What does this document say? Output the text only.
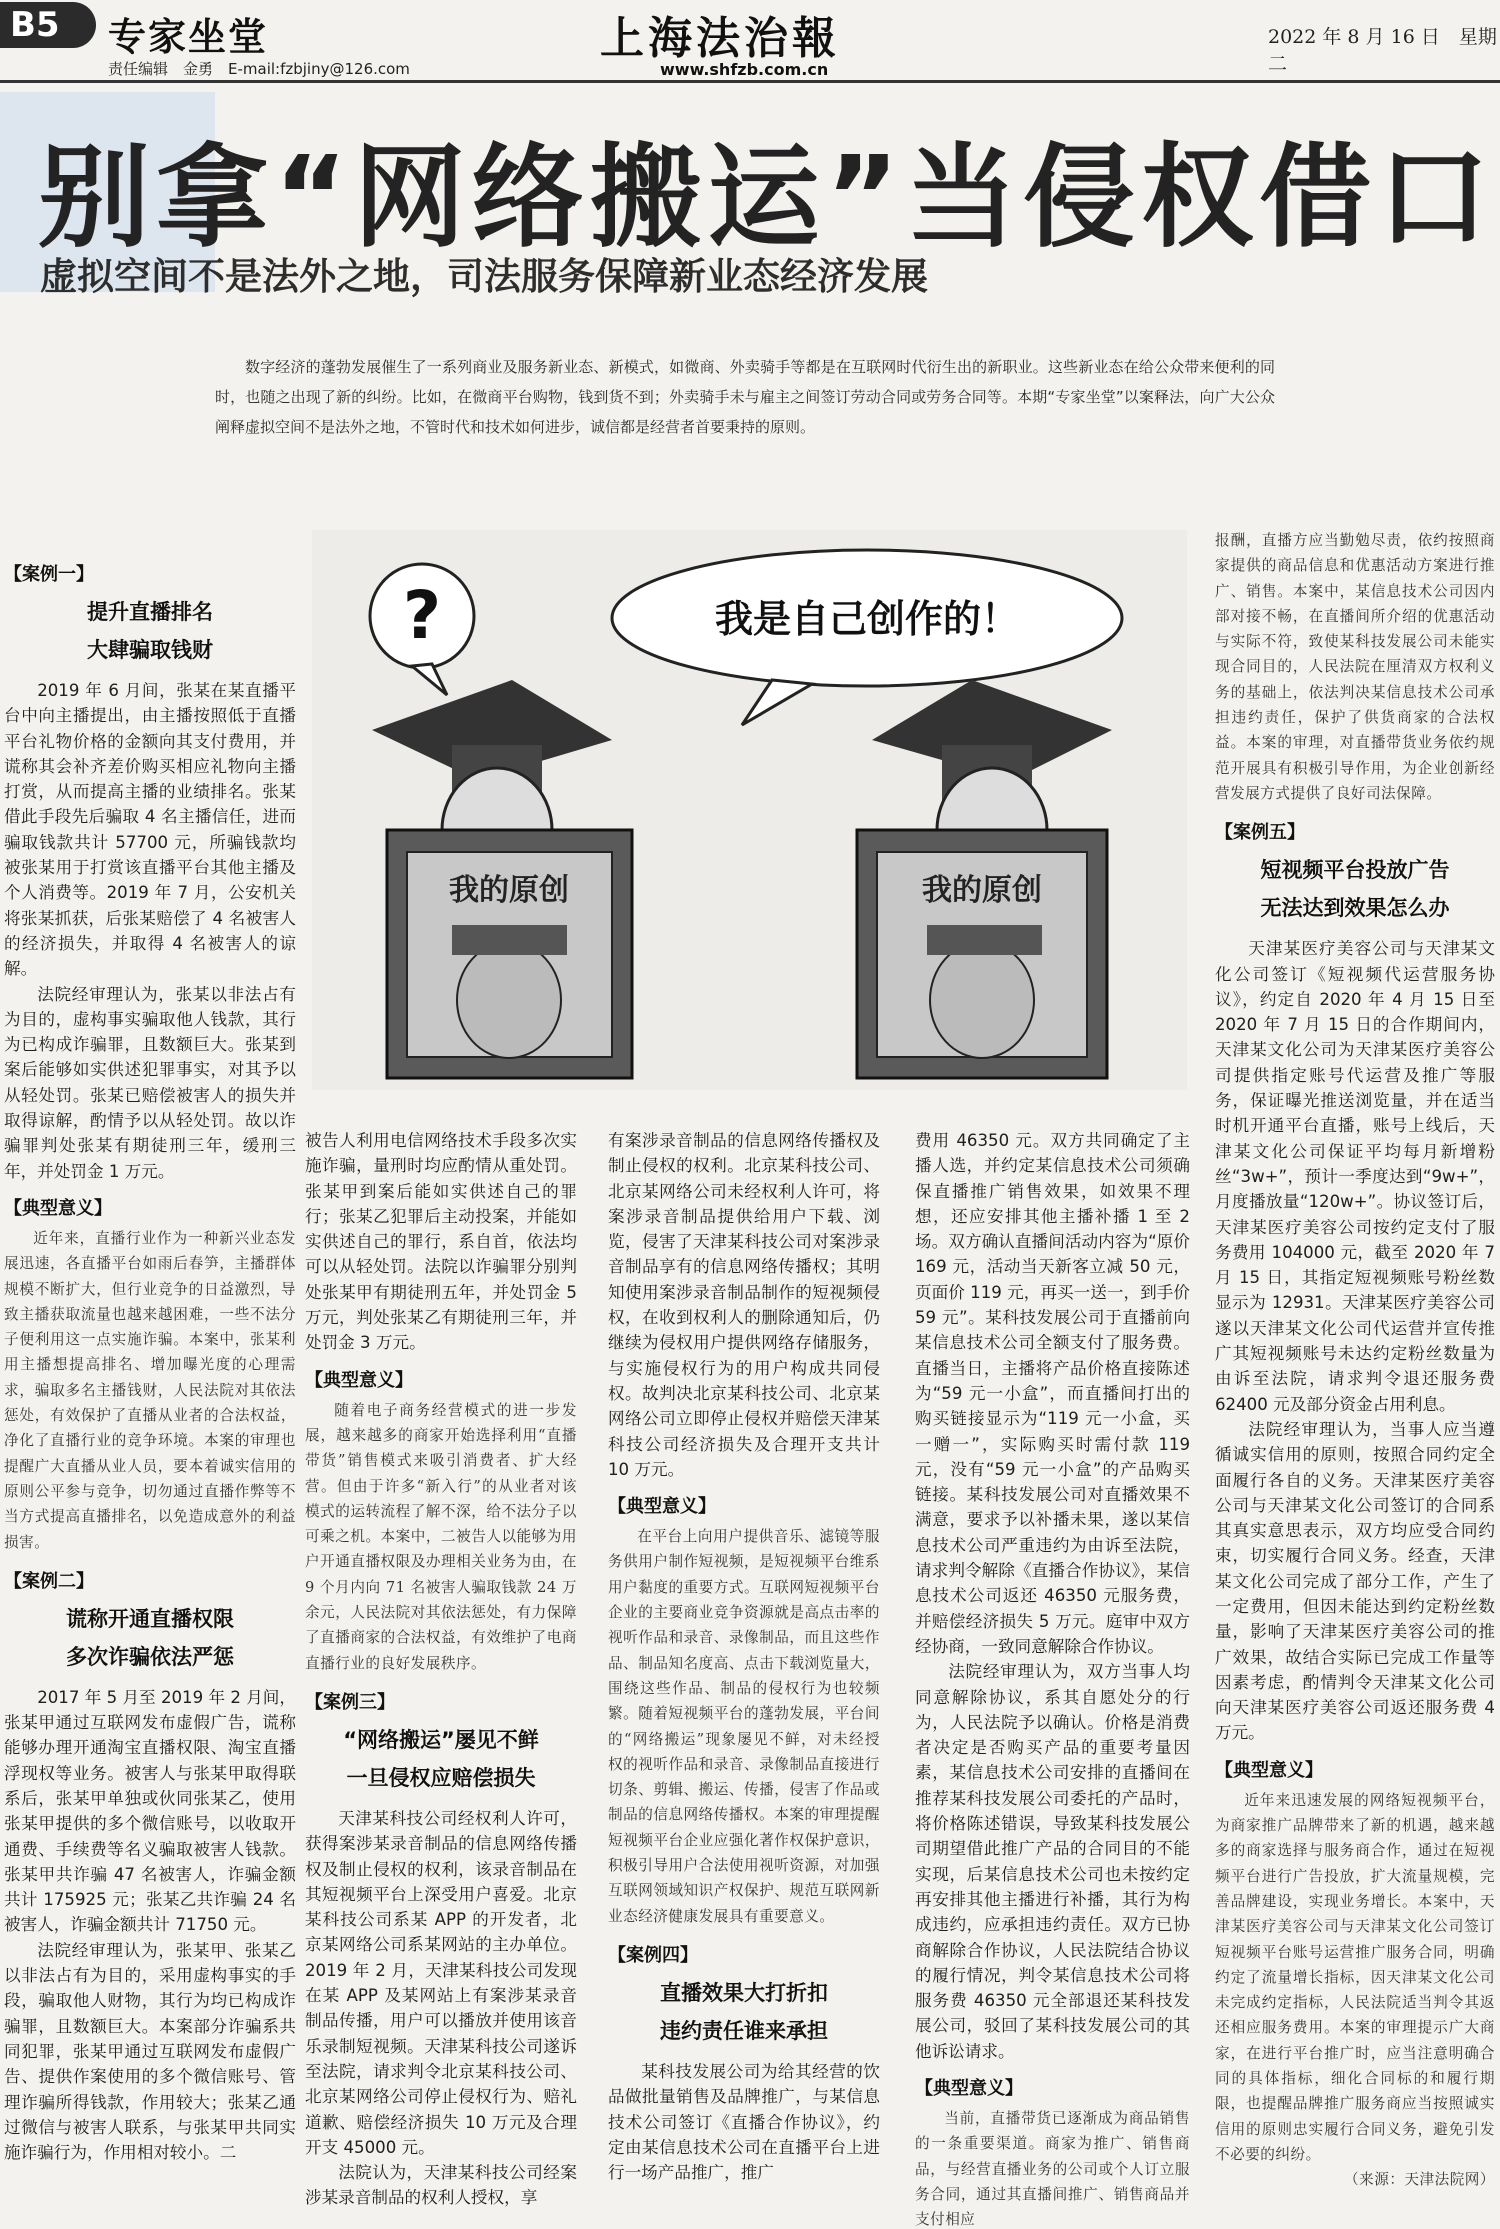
B5	专家坐堂
责任编辑　金勇　E-mail:fzbjiny@126.com
上海法治報
www.shfzb.com.cn
2022 年 8 月 16 日　星期二
别拿“网络搬运”当侵权借口
虚拟空间不是法外之地，司法服务保障新业态经济发展

数字经济的蓬勃发展催生了一系列商业及服务新业态、新模式，如微商、外卖骑手等都是在互联网时代衍生出的新职业。这些新业态在给公众带来便利的同时，也随之出现了新的纠纷。比如，在微商平台购物，钱到货不到；外卖骑手未与雇主之间签订劳动合同或劳务合同等。本期“专家坐堂”以案释法，向广大公众阐释虚拟空间不是法外之地，不管时代和技术如何进步，诚信都是经营者首要秉持的原则。

?	我是自己创作的！
我的原创	我的原创
【案例一】
提升直播排名
大肆骗取钱财

2019 年 6 月间，张某在某直播平台中向主播提出，由主播按照低于直播平台礼物价格的金额向其支付费用，并谎称其会补齐差价购买相应礼物向主播打赏，从而提高主播的业绩排名。张某借此手段先后骗取 4 名主播信任，进而骗取钱款共计 57700 元，所骗钱款均被张某用于打赏该直播平台其他主播及个人消费等。2019 年 7 月，公安机关将张某抓获，后张某赔偿了 4 名被害人的经济损失，并取得 4 名被害人的谅解。

法院经审理认为，张某以非法占有为目的，虚构事实骗取他人钱款，其行为已构成诈骗罪，且数额巨大。张某到案后能够如实供述犯罪事实，对其予以从轻处罚。张某已赔偿被害人的损失并取得谅解，酌情予以从轻处罚。故以诈骗罪判处张某有期徒刑三年，缓刑三年，并处罚金 1 万元。

【典型意义】

近年来，直播行业作为一种新兴业态发展迅速，各直播平台如雨后春笋，主播群体规模不断扩大，但行业竞争的日益激烈，导致主播获取流量也越来越困难，一些不法分子便利用这一点实施诈骗。本案中，张某利用主播想提高排名、增加曝光度的心理需求，骗取多名主播钱财，人民法院对其依法惩处，有效保护了直播从业者的合法权益，净化了直播行业的竞争环境。本案的审理也提醒广大直播从业人员，要本着诚实信用的原则公平参与竞争，切勿通过直播作弊等不当方式提高直播排名，以免造成意外的利益损害。

【案例二】
谎称开通直播权限
多次诈骗依法严惩

2017 年 5 月至 2019 年 2 月间，张某甲通过互联网发布虚假广告，谎称能够办理开通淘宝直播权限、淘宝直播浮现权等业务。被害人与张某甲取得联系后，张某甲单独或伙同张某乙，使用张某甲提供的多个微信账号，以收取开通费、手续费等名义骗取被害人钱款。张某甲共诈骗 47 名被害人，诈骗金额共计 175925 元；张某乙共诈骗 24 名被害人，诈骗金额共计 71750 元。

法院经审理认为，张某甲、张某乙以非法占有为目的，采用虚构事实的手段，骗取他人财物，其行为均已构成诈骗罪，且数额巨大。本案部分诈骗系共同犯罪，张某甲通过互联网发布虚假广告、提供作案使用的多个微信账号、管理诈骗所得钱款，作用较大；张某乙通过微信与被害人联系，与张某甲共同实施诈骗行为，作用相对较小。二

被告人利用电信网络技术手段多次实施诈骗，量刑时均应酌情从重处罚。张某甲到案后能如实供述自己的罪行；张某乙犯罪后主动投案，并能如实供述自己的罪行，系自首，依法均可以从轻处罚。法院以诈骗罪分别判处张某甲有期徒刑五年，并处罚金 5 万元，判处张某乙有期徒刑三年，并处罚金 3 万元。

【典型意义】

随着电子商务经营模式的进一步发展，越来越多的商家开始选择利用“直播带货”销售模式来吸引消费者、扩大经营。但由于许多“新入行”的从业者对该模式的运转流程了解不深，给不法分子以可乘之机。本案中，二被告人以能够为用户开通直播权限及办理相关业务为由，在 9 个月内向 71 名被害人骗取钱款 24 万余元，人民法院对其依法惩处，有力保障了直播商家的合法权益，有效维护了电商直播行业的良好发展秩序。

【案例三】
“网络搬运”屡见不鲜
一旦侵权应赔偿损失

天津某科技公司经权利人许可，获得案涉某录音制品的信息网络传播权及制止侵权的权利，该录音制品在其短视频平台上深受用户喜爱。北京某科技公司系某 APP 的开发者，北京某网络公司系某网站的主办单位。2019 年 2 月，天津某科技公司发现在某 APP 及某网站上有案涉某录音制品传播，用户可以播放并使用该音乐录制短视频。天津某科技公司遂诉至法院，请求判令北京某科技公司、北京某网络公司停止侵权行为、赔礼道歉、赔偿经济损失 10 万元及合理开支 45000 元。

法院认为，天津某科技公司经案涉某录音制品的权利人授权，享

有案涉录音制品的信息网络传播权及制止侵权的权利。北京某科技公司、北京某网络公司未经权利人许可，将案涉录音制品提供给用户下载、浏览，侵害了天津某科技公司对案涉录音制品享有的信息网络传播权；其明知使用案涉录音制品制作的短视频侵权，在收到权利人的删除通知后，仍继续为侵权用户提供网络存储服务，与实施侵权行为的用户构成共同侵权。故判决北京某科技公司、北京某网络公司立即停止侵权并赔偿天津某科技公司经济损失及合理开支共计 10 万元。

【典型意义】

在平台上向用户提供音乐、滤镜等服务供用户制作短视频，是短视频平台维系用户黏度的重要方式。互联网短视频平台企业的主要商业竞争资源就是高点击率的视听作品和录音、录像制品，而且这些作品、制品知名度高、点击下载浏览量大，围绕这些作品、制品的侵权行为也较频繁。随着短视频平台的蓬勃发展，平台间的“网络搬运”现象屡见不鲜，对未经授权的视听作品和录音、录像制品直接进行切条、剪辑、搬运、传播，侵害了作品或制品的信息网络传播权。本案的审理提醒短视频平台企业应强化著作权保护意识，积极引导用户合法使用视听资源，对加强互联网领域知识产权保护、规范互联网新业态经济健康发展具有重要意义。

【案例四】
直播效果大打折扣
违约责任谁来承担

某科技发展公司为给其经营的饮品做批量销售及品牌推广，与某信息技术公司签订《直播合作协议》，约定由某信息技术公司在直播平台上进行一场产品推广，推广

费用 46350 元。双方共同确定了主播人选，并约定某信息技术公司须确保直播推广销售效果，如效果不理想，还应安排其他主播补播 1 至 2 场。双方确认直播间活动内容为“原价 169 元，活动当天新客立减 50 元，页面价 119 元，再买一送一，到手价 59 元”。某科技发展公司于直播前向某信息技术公司全额支付了服务费。直播当日，主播将产品价格直接陈述为“59 元一小盒”，而直播间打出的购买链接显示为“119 元一小盒，买一赠一”，实际购买时需付款 119 元，没有“59 元一小盒”的产品购买链接。某科技发展公司对直播效果不满意，要求予以补播未果，遂以某信息技术公司严重违约为由诉至法院，请求判令解除《直播合作协议》，某信息技术公司返还 46350 元服务费，并赔偿经济损失 5 万元。庭审中双方经协商，一致同意解除合作协议。

法院经审理认为，双方当事人均同意解除协议，系其自愿处分的行为，人民法院予以确认。价格是消费者决定是否购买产品的重要考量因素，某信息技术公司安排的直播间在推荐某科技发展公司委托的产品时，将价格陈述错误，导致某科技发展公司期望借此推广产品的合同目的不能实现，后某信息技术公司也未按约定再安排其他主播进行补播，其行为构成违约，应承担违约责任。双方已协商解除合作协议，人民法院结合协议的履行情况，判令某信息技术公司将服务费 46350 元全部退还某科技发展公司，驳回了某科技发展公司的其他诉讼请求。

【典型意义】

当前，直播带货已逐渐成为商品销售的一条重要渠道。商家为推广、销售商品，与经营直播业务的公司或个人订立服务合同，通过其直播间推广、销售商品并支付相应

报酬，直播方应当勤勉尽责，依约按照商家提供的商品信息和优惠活动方案进行推广、销售。本案中，某信息技术公司因内部对接不畅，在直播间所介绍的优惠活动与实际不符，致使某科技发展公司未能实现合同目的，人民法院在厘清双方权利义务的基础上，依法判决某信息技术公司承担违约责任，保护了供货商家的合法权益。本案的审理，对直播带货业务依约规范开展具有积极引导作用，为企业创新经营发展方式提供了良好司法保障。

【案例五】
短视频平台投放广告
无法达到效果怎么办

天津某医疗美容公司与天津某文化公司签订《短视频代运营服务协议》，约定自 2020 年 4 月 15 日至 2020 年 7 月 15 日的合作期间内，天津某文化公司为天津某医疗美容公司提供指定账号代运营及推广等服务，保证曝光推送浏览量，并在适当时机开通平台直播，账号上线后，天津某文化公司保证平均每月新增粉丝“3w+”，预计一季度达到“9w+”，月度播放量“120w+”。协议签订后，天津某医疗美容公司按约定支付了服务费用 104000 元，截至 2020 年 7 月 15 日，其指定短视频账号粉丝数显示为 12931。天津某医疗美容公司遂以天津某文化公司代运营并宣传推广其短视频账号未达约定粉丝数量为由诉至法院，请求判令退还服务费 62400 元及部分资金占用利息。

法院经审理认为，当事人应当遵循诚实信用的原则，按照合同约定全面履行各自的义务。天津某医疗美容公司与天津某文化公司签订的合同系其真实意思表示，双方均应受合同约束，切实履行合同义务。经查，天津某文化公司完成了部分工作，产生了一定费用，但因未能达到约定粉丝数量，影响了天津某医疗美容公司的推广效果，故结合实际已完成工作量等因素考虑，酌情判令天津某文化公司向天津某医疗美容公司返还服务费 4 万元。

【典型意义】

近年来迅速发展的网络短视频平台，为商家推广品牌带来了新的机遇，越来越多的商家选择与服务商合作，通过在短视频平台进行广告投放，扩大流量规模，完善品牌建设，实现业务增长。本案中，天津某医疗美容公司与天津某文化公司签订短视频平台账号运营推广服务合同，明确约定了流量增长指标，因天津某文化公司未完成约定指标，人民法院适当判令其返还相应服务费用。本案的审理提示广大商家，在进行平台推广时，应当注意明确合同的具体指标，细化合同标的和履行期限，也提醒品牌推广服务商应当按照诚实信用的原则忠实履行合同义务，避免引发不必要的纠纷。

（来源：天津法院网）
